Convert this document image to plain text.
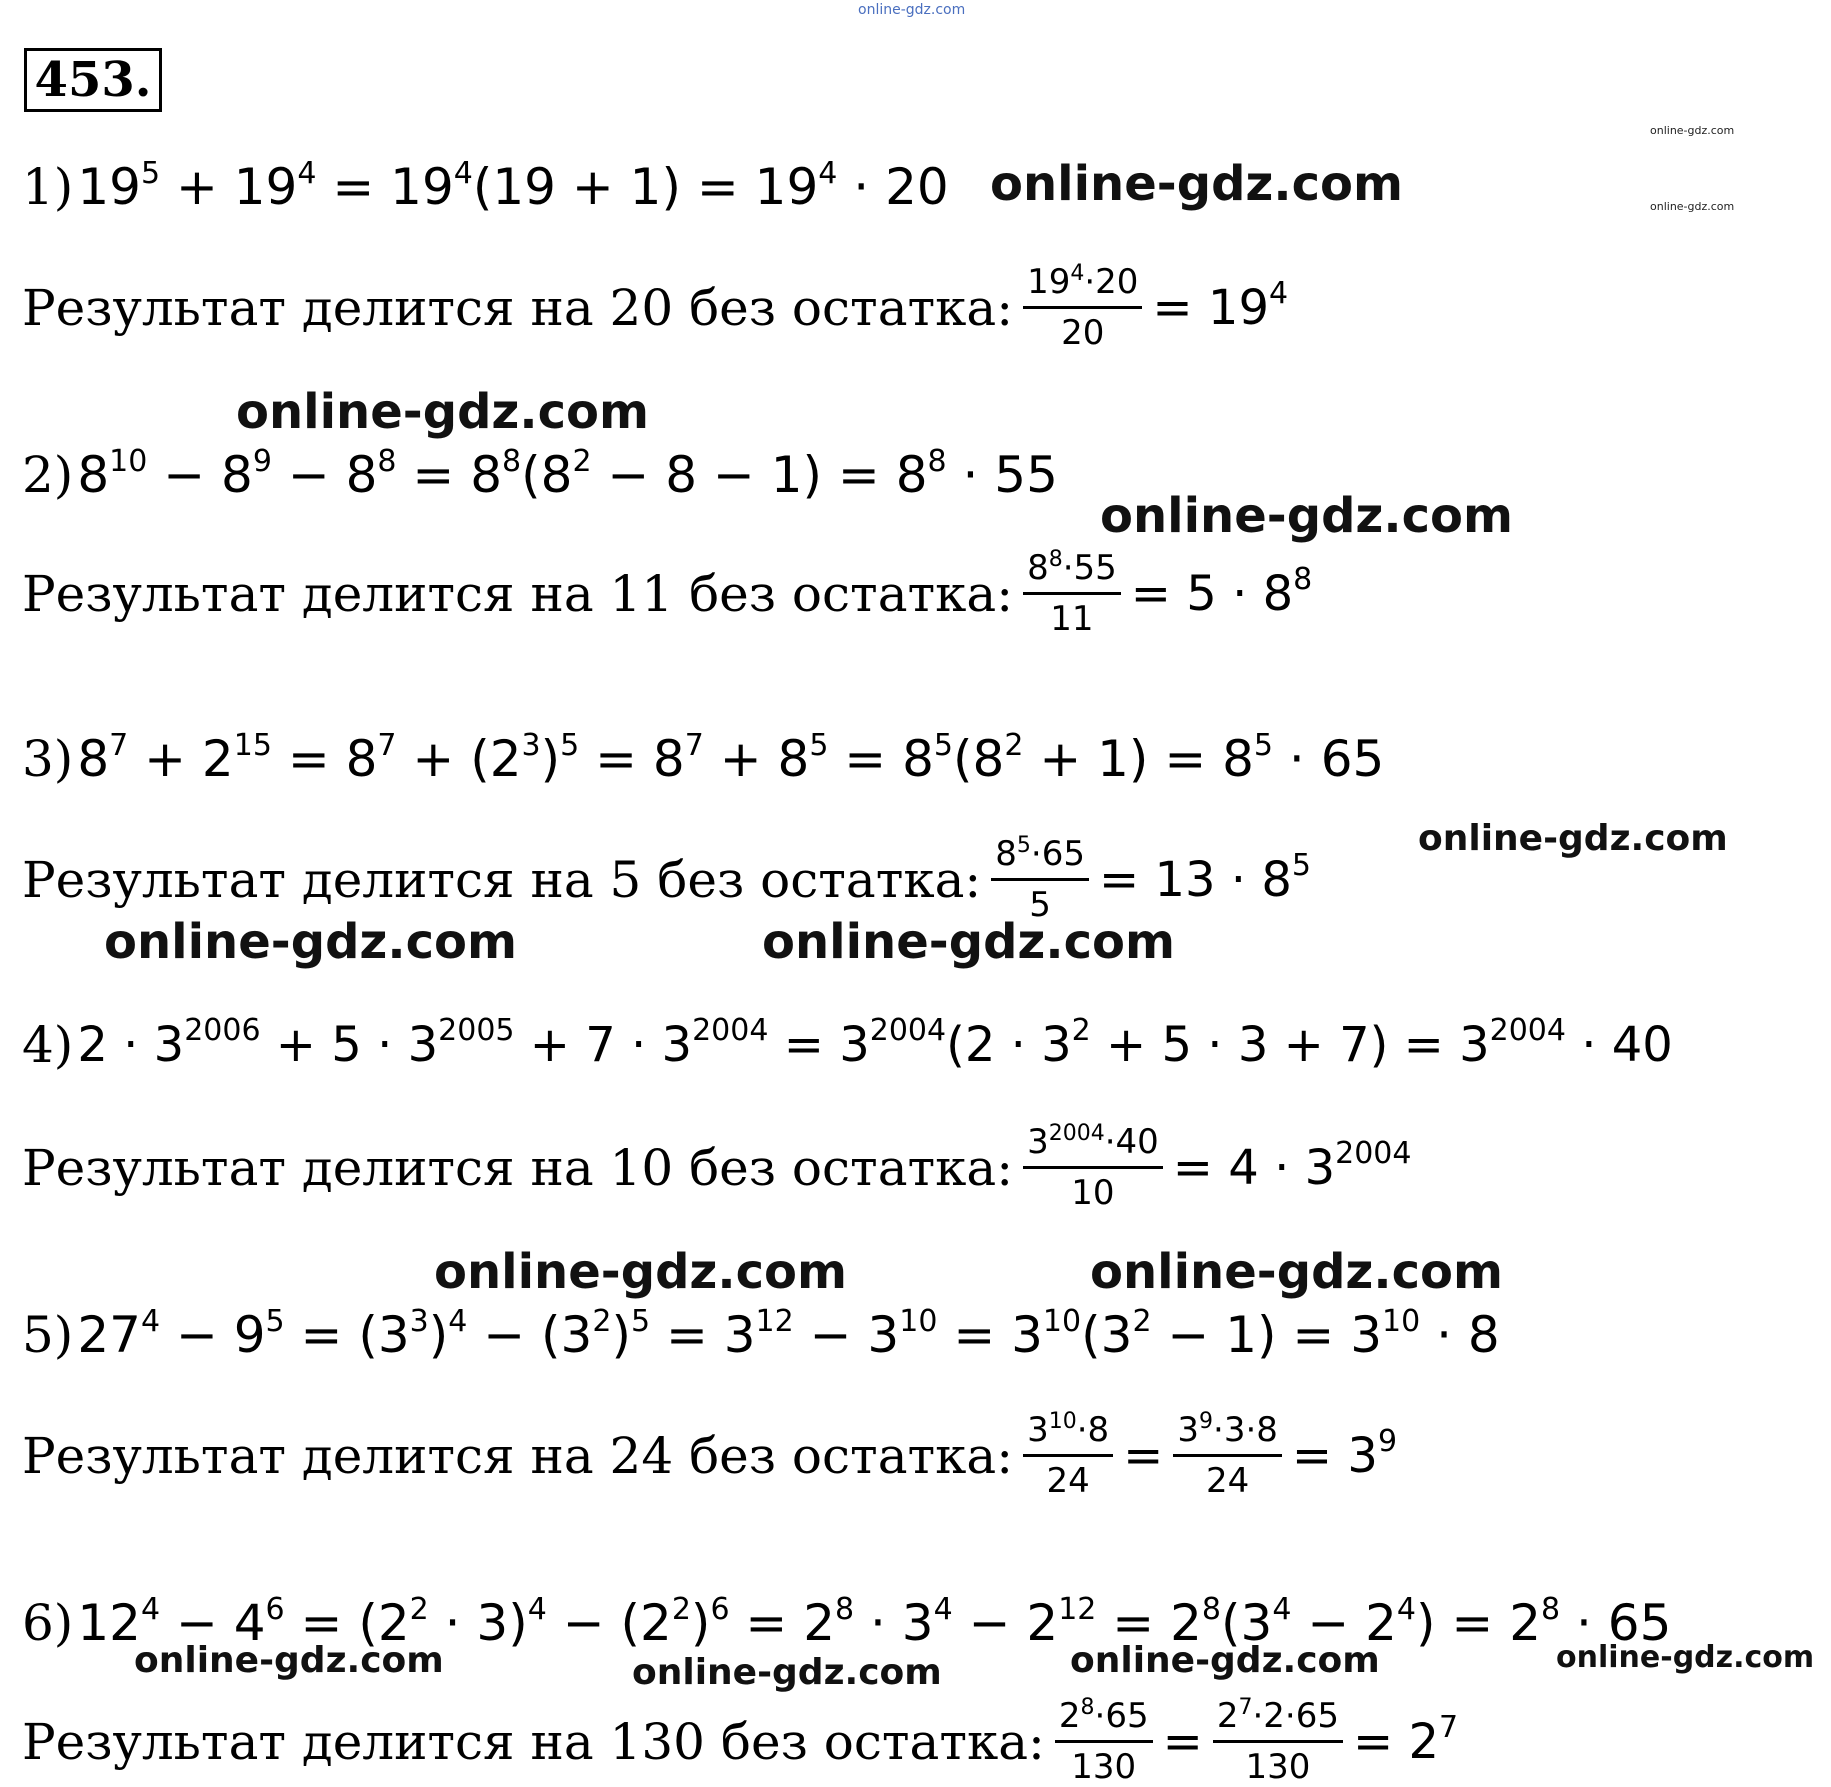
online-gdz.com
online-gdz.com
online-gdz.com
453.
1) $19^5 + 19^4 = 19^4(19 + 1) = 19^4 \cdot 20$ online-gdz.com
Результат делится на
20
без остатка: $\frac{19^4\cdot 20}{20} = 19^4$
online-gdz.com
2) $8^{10} - 8^9 - 8^8 = 8^8(8^2 - 8 - 1) = 8^8 \cdot 55$
online-gdz.com
Результат делится на
11
без остатка: $\frac{8^8\cdot 55}{11} = 5 \cdot 8^8$
3) $8^7 + 2^{15} = 8^7 + (2^3)^5 = 8^7 + 8^5 = 8^5(8^2 + 1) = 8^5 \cdot 65$
online-gdz.com
Результат делится на
5
без остатка: $\frac{8^5\cdot 65}{5} = 13 \cdot 8^5$
online-gdz.com	online-gdz.com
4) $2 \cdot 3^{2006} + 5 \cdot 3^{2005} + 7 \cdot 3^{2004} = 3^{2004}(2 \cdot 3^2 + 5 \cdot 3 + 7) = 3^{2004} \cdot 40$
Результат делится на
10
без остатка: $\frac{3^{2004}\cdot 40}{10} = 4 \cdot 3^{2004}$
online-gdz.com	online-gdz.com
5) $27^4 - 9^5 = (3^3)^4 - (3^2)^5 = 3^{12} - 3^{10} = 3^{10}(3^2 - 1) = 3^{10} \cdot 8$
Результат делится на
24
без остатка: $\frac{3^{10}\cdot 8}{24} = \frac{3^9\cdot 3\cdot 8}{24} = 3^9$
6) $12^4 - 4^6 = (2^2 \cdot 3)^4 - (2^2)^6 = 2^8 \cdot 3^4 - 2^{12} = 2^8(3^4 - 2^4) = 2^8 \cdot 65$
online-gdz.com	online-gdz.com	online-gdz.com	online-gdz.com
Результат делится на
130
без остатка: $\frac{2^8\cdot 65}{130} = \frac{2^7\cdot 2\cdot 65}{130} = 2^7$
